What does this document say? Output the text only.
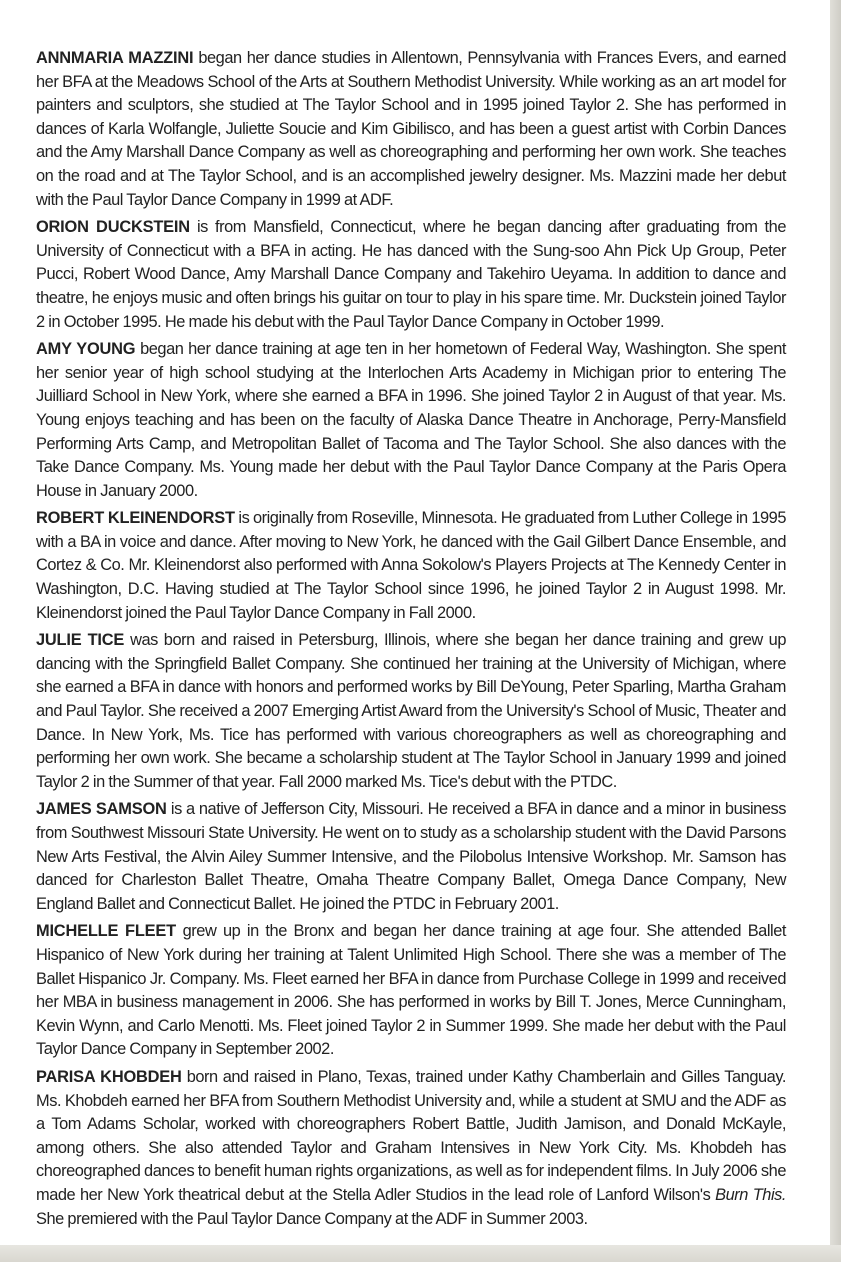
ANNMARIA MAZZINI began her dance studies in Allentown, Pennsylvania with Frances Evers, and earned her BFA at the Meadows School of the Arts at Southern Methodist University. While working as an art model for painters and sculptors, she studied at The Taylor School and in 1995 joined Taylor 2. She has performed in dances of Karla Wolfangle, Juliette Soucie and Kim Gibilisco, and has been a guest artist with Corbin Dances and the Amy Marshall Dance Company as well as choreographing and performing her own work. She teaches on the road and at The Taylor School, and is an accomplished jewelry designer. Ms. Mazzini made her debut with the Paul Taylor Dance Company in 1999 at ADF.

ORION DUCKSTEIN is from Mansfield, Connecticut, where he began dancing after graduating from the University of Connecticut with a BFA in acting. He has danced with the Sung-soo Ahn Pick Up Group, Peter Pucci, Robert Wood Dance, Amy Marshall Dance Company and Takehiro Ueyama. In addition to dance and theatre, he enjoys music and often brings his guitar on tour to play in his spare time. Mr. Duckstein joined Taylor 2 in October 1995. He made his debut with the Paul Taylor Dance Company in October 1999.

AMY YOUNG began her dance training at age ten in her hometown of Federal Way, Washington. She spent her senior year of high school studying at the Interlochen Arts Academy in Michigan prior to entering The Juilliard School in New York, where she earned a BFA in 1996. She joined Taylor 2 in August of that year. Ms. Young enjoys teaching and has been on the faculty of Alaska Dance Theatre in Anchorage, Perry-Mansfield Performing Arts Camp, and Metropolitan Ballet of Tacoma and The Taylor School. She also dances with the Take Dance Company. Ms. Young made her debut with the Paul Taylor Dance Company at the Paris Opera House in January 2000.

ROBERT KLEINENDORST is originally from Roseville, Minnesota. He graduated from Luther College in 1995 with a BA in voice and dance. After moving to New York, he danced with the Gail Gilbert Dance Ensemble, and Cortez & Co. Mr. Kleinendorst also performed with Anna Sokolow's Players Projects at The Kennedy Center in Washington, D.C. Having studied at The Taylor School since 1996, he joined Taylor 2 in August 1998. Mr. Kleinendorst joined the Paul Taylor Dance Company in Fall 2000.

JULIE TICE was born and raised in Petersburg, Illinois, where she began her dance training and grew up dancing with the Springfield Ballet Company. She continued her training at the University of Michigan, where she earned a BFA in dance with honors and performed works by Bill DeYoung, Peter Sparling, Martha Graham and Paul Taylor. She received a 2007 Emerging Artist Award from the University's School of Music, Theater and Dance. In New York, Ms. Tice has performed with various choreographers as well as choreographing and performing her own work. She became a scholarship student at The Taylor School in January 1999 and joined Taylor 2 in the Summer of that year. Fall 2000 marked Ms. Tice's debut with the PTDC.

JAMES SAMSON is a native of Jefferson City, Missouri. He received a BFA in dance and a minor in business from Southwest Missouri State University. He went on to study as a scholarship student with the David Parsons New Arts Festival, the Alvin Ailey Summer Intensive, and the Pilobolus Intensive Workshop. Mr. Samson has danced for Charleston Ballet Theatre, Omaha Theatre Company Ballet, Omega Dance Company, New England Ballet and Connecticut Ballet. He joined the PTDC in February 2001.

MICHELLE FLEET grew up in the Bronx and began her dance training at age four. She attended Ballet Hispanico of New York during her training at Talent Unlimited High School. There she was a member of The Ballet Hispanico Jr. Company. Ms. Fleet earned her BFA in dance from Purchase College in 1999 and received her MBA in business management in 2006. She has performed in works by Bill T. Jones, Merce Cunningham, Kevin Wynn, and Carlo Menotti. Ms. Fleet joined Taylor 2 in Summer 1999. She made her debut with the Paul Taylor Dance Company in September 2002.

PARISA KHOBDEH born and raised in Plano, Texas, trained under Kathy Chamberlain and Gilles Tanguay. Ms. Khobdeh earned her BFA from Southern Methodist University and, while a student at SMU and the ADF as a Tom Adams Scholar, worked with choreographers Robert Battle, Judith Jamison, and Donald McKayle, among others. She also attended Taylor and Graham Intensives in New York City. Ms. Khobdeh has choreographed dances to benefit human rights organizations, as well as for independent films. In July 2006 she made her New York theatrical debut at the Stella Adler Studios in the lead role of Lanford Wilson's Burn This. She premiered with the Paul Taylor Dance Company at the ADF in Summer 2003.
